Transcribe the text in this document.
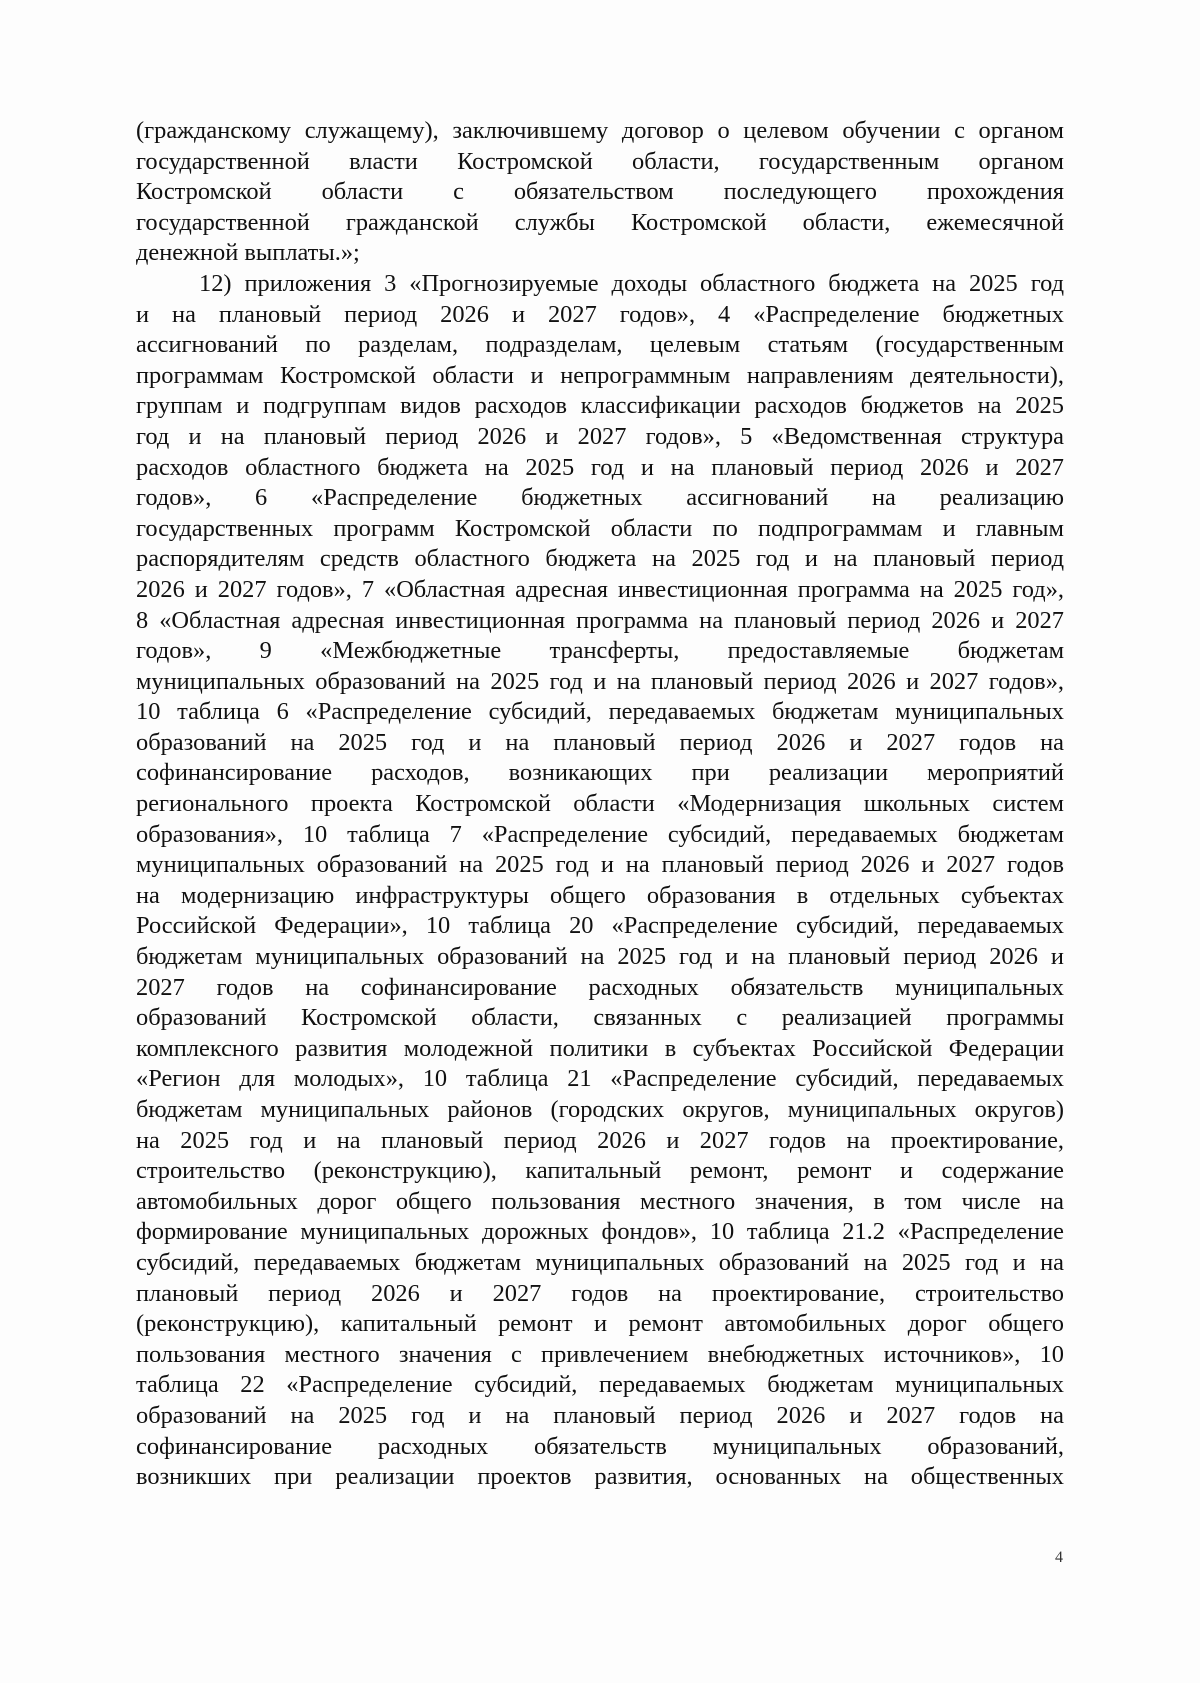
(гражданскому служащему), заключившему договор о целевом обучении с органом
государственной власти Костромской области, государственным органом
Костромской области с обязательством последующего прохождения
государственной гражданской службы Костромской области, ежемесячной
денежной выплаты.»;
12) приложения 3 «Прогнозируемые доходы областного бюджета на 2025 год
и на плановый период 2026 и 2027 годов», 4 «Распределение бюджетных
ассигнований по разделам, подразделам, целевым статьям (государственным
программам Костромской области и непрограммным направлениям деятельности),
группам и подгруппам видов расходов классификации расходов бюджетов на 2025
год и на плановый период 2026 и 2027 годов», 5 «Ведомственная структура
расходов областного бюджета на 2025 год и на плановый период 2026 и 2027
годов», 6 «Распределение бюджетных ассигнований на реализацию
государственных программ Костромской области по подпрограммам и главным
распорядителям средств областного бюджета на 2025 год и на плановый период
2026 и 2027 годов», 7 «Областная адресная инвестиционная программа на 2025 год»,
8 «Областная адресная инвестиционная программа на плановый период 2026 и 2027
годов», 9 «Межбюджетные трансферты, предоставляемые бюджетам
муниципальных образований на 2025 год и на плановый период 2026 и 2027 годов»,
10 таблица 6 «Распределение субсидий, передаваемых бюджетам муниципальных
образований на 2025 год и на плановый период 2026 и 2027 годов на
софинансирование расходов, возникающих при реализации мероприятий
регионального проекта Костромской области «Модернизация школьных систем
образования», 10 таблица 7 «Распределение субсидий, передаваемых бюджетам
муниципальных образований на 2025 год и на плановый период 2026 и 2027 годов
на модернизацию инфраструктуры общего образования в отдельных субъектах
Российской Федерации», 10 таблица 20 «Распределение субсидий, передаваемых
бюджетам муниципальных образований на 2025 год и на плановый период 2026 и
2027 годов на софинансирование расходных обязательств муниципальных
образований Костромской области, связанных с реализацией программы
комплексного развития молодежной политики в субъектах Российской Федерации
«Регион для молодых», 10 таблица 21 «Распределение субсидий, передаваемых
бюджетам муниципальных районов (городских округов, муниципальных округов)
на 2025 год и на плановый период 2026 и 2027 годов на проектирование,
строительство (реконструкцию), капитальный ремонт, ремонт и содержание
автомобильных дорог общего пользования местного значения, в том числе на
формирование муниципальных дорожных фондов», 10 таблица 21.2 «Распределение
субсидий, передаваемых бюджетам муниципальных образований на 2025 год и на
плановый период 2026 и 2027 годов на проектирование, строительство
(реконструкцию), капитальный ремонт и ремонт автомобильных дорог общего
пользования местного значения с привлечением внебюджетных источников», 10
таблица 22 «Распределение субсидий, передаваемых бюджетам муниципальных
образований на 2025 год и на плановый период 2026 и 2027 годов на
софинансирование расходных обязательств муниципальных образований,
возникших при реализации проектов развития, основанных на общественных
4
